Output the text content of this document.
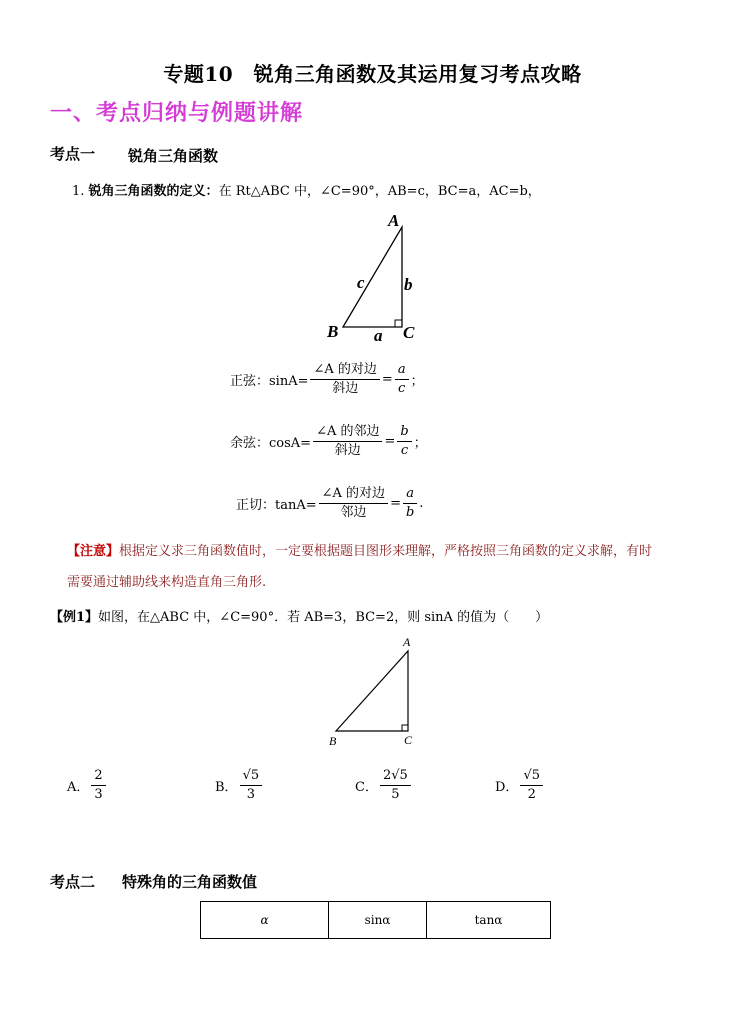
专题10　锐角三角函数及其运用复习考点攻略
一、考点归纳与例题讲解
考点一 锐角三角函数
1. 锐角三角函数的定义：在 Rt△ABC 中，∠C=90°，AB=c，BC=a，AC=b，
A
B	C
a
b
c
正弦：$\sin A= \frac{\text{∠A 的对边}}{\text{斜边}} = \frac{a}{c}$ ；
余弦：$\cos A= \frac{\text{∠A 的邻边}}{\text{斜边}} = \frac{b}{c}$ ；
正切：$\tan A= \frac{\text{∠A 的对边}}{\text{邻边}} = \frac{a}{b}$ .
【注意】根据定义求三角函数值时，一定要根据题目图形来理解，严格按照三角函数的定义求解，有时
需要通过辅助线来构造直角三角形.
【例1】如图，在△ABC 中，∠C=90°．若 AB=3，BC=2，则 sinA 的值为（　　）
A
B	C
A． $\frac{2}{3}$	B． $\frac{√5}{3}$	C． $\frac{2√5}{5}$	D． $\frac{√5}{2}$
考点二 特殊角的三角函数值
α	sinα	tanα
